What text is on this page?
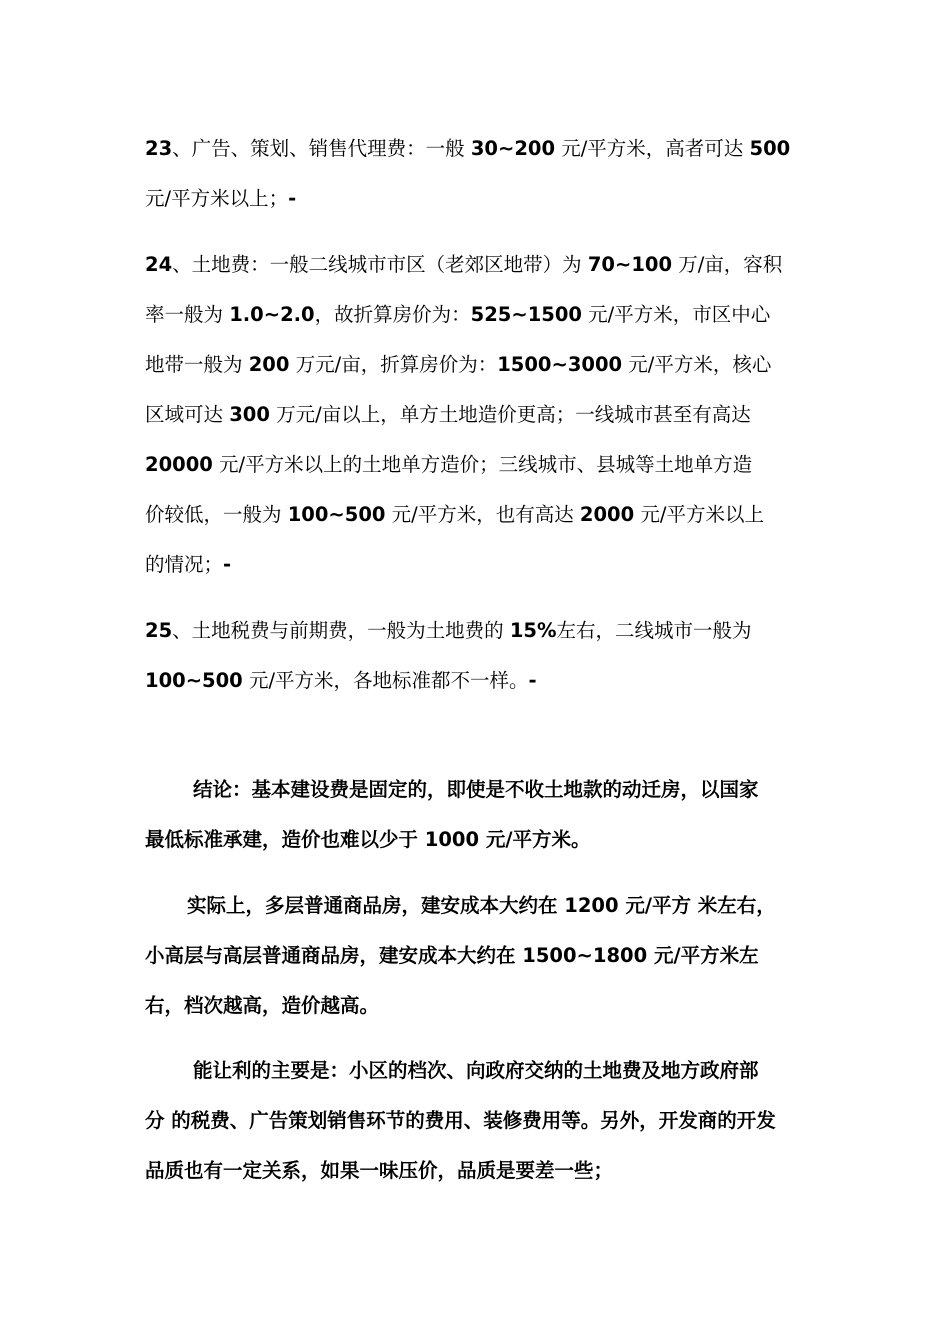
23、广告、策划、销售代理费：一般 30~200 元/平方米，高者可达 500
元/平方米以上；-
24、土地费：一般二线城市市区（老郊区地带）为 70~100 万/亩，容积
率一般为 1.0~2.0，故折算房价为：525~1500 元/平方米，市区中心
地带一般为 200 万元/亩，折算房价为：1500~3000 元/平方米，核心
区域可达 300 万元/亩以上，单方土地造价更高；一线城市甚至有高达
20000 元/平方米以上的土地单方造价；三线城市、县城等土地单方造
价较低，一般为 100~500 元/平方米，也有高达 2000 元/平方米以上
的情况；-
25、土地税费与前期费，一般为土地费的 15%左右，二线城市一般为
100~500 元/平方米，各地标准都不一样。-
结论：基本建设费是固定的，即使是不收土地款的动迁房，以国家
最低标准承建，造价也难以少于 1000 元/平方米。
实际上，多层普通商品房，建安成本大约在 1200 元/平方 米左右，
小高层与高层普通商品房，建安成本大约在 1500~1800 元/平方米左
右，档次越高，造价越高。
能让利的主要是：小区的档次、向政府交纳的土地费及地方政府部
分 的税费、广告策划销售环节的费用、装修费用等。另外，开发商的开发
品质也有一定关系，如果一味压价，品质是要差一些；
